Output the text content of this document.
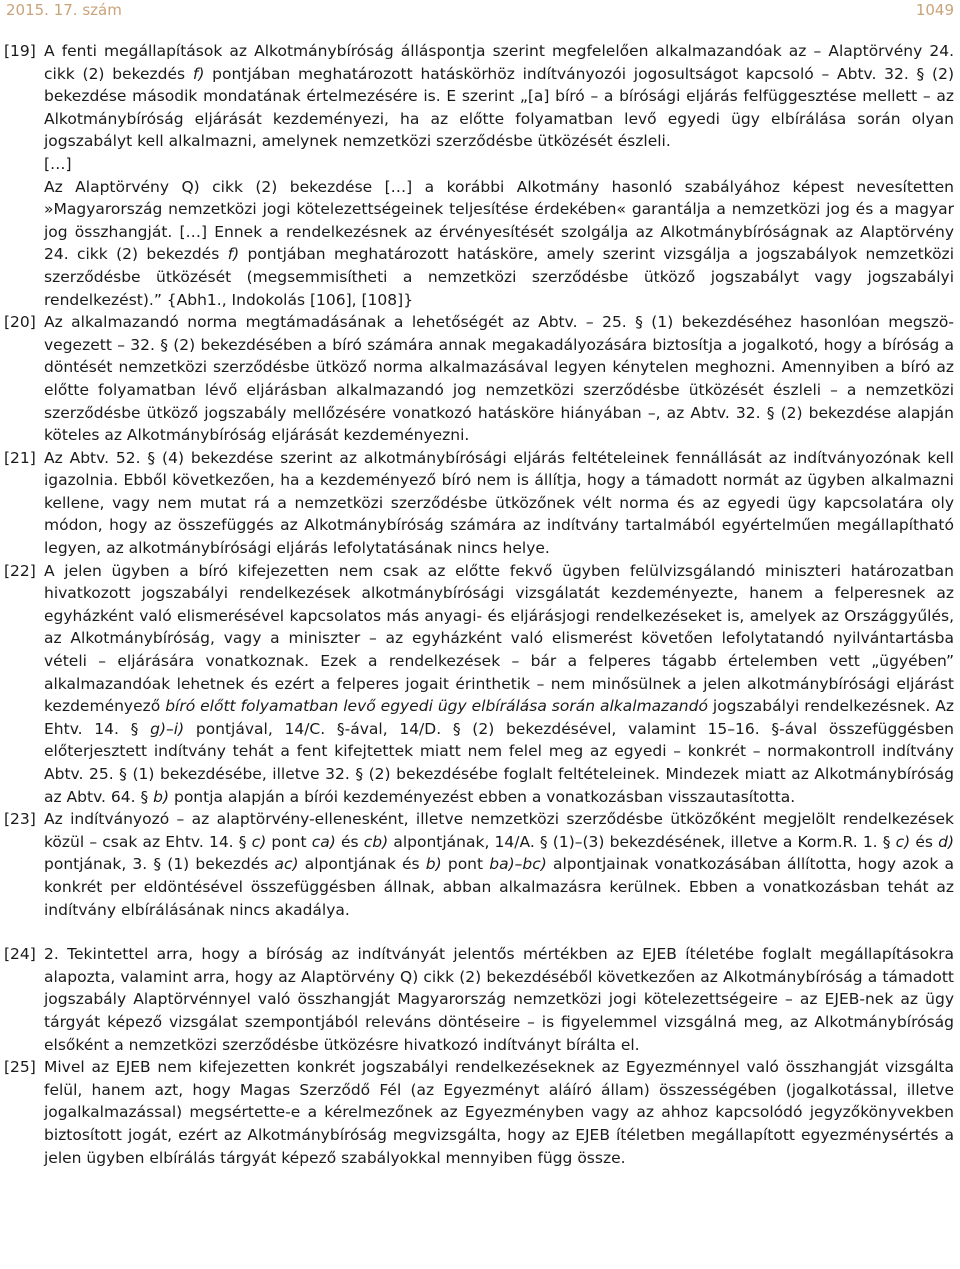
2015. 17. szám	1049
[19] A fenti megállapítások az Alkotmánybíróság álláspontja szerint megfelelően alkalmazandóak az – Alaptörvény 24. cikk (2) bekezdés f) pontjában meghatározott hatáskörhöz indítványozói jogosultságot kapcsoló – Abtv. 32. § (2) bekezdése második mondatának értelmezésére is. E szerint „[a] bíró – a bírósági eljárás felfüggesztése mellett – az Alkotmánybíróság eljárását kezdeményezi, ha az előtte folyamatban levő egyedi ügy elbírálása során olyan jogszabályt kell alkalmazni, amelynek nemzetközi szerződésbe ütközését észleli.
[…]
Az Alaptörvény Q) cikk (2) bekezdése […] a korábbi Alkotmány hasonló szabályához képest nevesítetten »Magyarország nemzetközi jogi kötelezettségeinek teljesítése érdekében« garantálja a nemzetközi jog és a magyar jog összhangját. […] Ennek a rendelkezésnek az érvényesítését szolgálja az Alkotmánybíróságnak az Alaptörvény 24. cikk (2) bekezdés f) pontjában meghatározott hatásköre, amely szerint vizsgálja a jogszabályok nemzetközi szerződésbe ütközését (megsemmisítheti a nemzetközi szerződésbe ütköző jogszabályt vagy jogszabályi rendelkezést).” {Abh1., Indokolás [106], [108]}
[20] Az alkalmazandó norma megtámadásának a lehetőségét az Abtv. – 25. § (1) bekezdéséhez hasonlóan megszövegezett – 32. § (2) bekezdésében a bíró számára annak megakadályozására biztosítja a jogalkotó, hogy a bíróság a döntését nemzetközi szerződésbe ütköző norma alkalmazásával legyen kénytelen meghozni. Amennyiben a bíró az előtte folyamatban lévő eljárásban alkalmazandó jog nemzetközi szerződésbe ütközését észleli – a nemzetközi szerződésbe ütköző jogszabály mellőzésére vonatkozó hatásköre hiányában –, az Abtv. 32. § (2) bekezdése alapján köteles az Alkotmánybíróság eljárását kezdeményezni.
[21] Az Abtv. 52. § (4) bekezdése szerint az alkotmánybírósági eljárás feltételeinek fennállását az indítványozónak kell igazolnia. Ebből következően, ha a kezdeményező bíró nem is állítja, hogy a támadott normát az ügyben alkalmazni kellene, vagy nem mutat rá a nemzetközi szerződésbe ütközőnek vélt norma és az egyedi ügy kapcsolatára oly módon, hogy az összefüggés az Alkotmánybíróság számára az indítvány tartalmából egyértelműen megállapítható legyen, az alkotmánybírósági eljárás lefolytatásának nincs helye.
[22] A jelen ügyben a bíró kifejezetten nem csak az előtte fekvő ügyben felülvizsgálandó miniszteri határozatban hivatkozott jogszabályi rendelkezések alkotmánybírósági vizsgálatát kezdeményezte, hanem a felperesnek az egyházként való elismerésével kapcsolatos más anyagi- és eljárásjogi rendelkezéseket is, amelyek az Országgyűlés, az Alkotmánybíróság, vagy a miniszter – az egyházként való elismerést követően lefolytatandó nyilvántartásba vételi – eljárására vonatkoznak. Ezek a rendelkezések – bár a felperes tágabb értelemben vett „ügyében” alkalmazandóak lehetnek és ezért a felperes jogait érinthetik – nem minősülnek a jelen alkotmánybírósági eljárást kezdeményező bíró előtt folyamatban levő egyedi ügy elbírálása során alkalmazandó jogszabályi rendelkezésnek. Az Ehtv. 14. § g)–i) pontjával, 14/C. §-ával, 14/D. § (2) bekezdésével, valamint 15–16. §-ával összefüggésben előterjesztett indítvány tehát a fent kifejtettek miatt nem felel meg az egyedi – konkrét – normakontroll indítvány Abtv. 25. § (1) bekezdésébe, illetve 32. § (2) bekezdésébe foglalt feltételeinek. Mindezek miatt az Alkotmánybíróság az Abtv. 64. § b) pontja alapján a bírói kezdeményezést ebben a vonatkozásban visszautasította.
[23] Az indítványozó – az alaptörvény-ellenesként, illetve nemzetközi szerződésbe ütközőként megjelölt rendelkezések közül – csak az Ehtv. 14. § c) pont ca) és cb) alpontjának, 14/A. § (1)–(3) bekezdésének, illetve a Korm.R. 1. § c) és d) pontjának, 3. § (1) bekezdés ac) alpontjának és b) pont ba)–bc) alpontjainak vonatkozásában állította, hogy azok a konkrét per eldöntésével összefüggésben állnak, abban alkalmazásra kerülnek. Ebben a vonatkozásban tehát az indítvány elbírálásának nincs akadálya.
[24] 2. Tekintettel arra, hogy a bíróság az indítványát jelentős mértékben az EJEB ítéletébe foglalt megállapításokra alapozta, valamint arra, hogy az Alaptörvény Q) cikk (2) bekezdéséből következően az Alkotmánybíróság a támadott jogszabály Alaptörvénnyel való összhangját Magyarország nemzetközi jogi kötelezettségeire – az EJEB-nek az ügy tárgyát képező vizsgálat szempontjából releváns döntéseire – is figyelemmel vizsgálná meg, az Alkotmánybíróság elsőként a nemzetközi szerződésbe ütközésre hivatkozó indítványt bírálta el.
[25] Mivel az EJEB nem kifejezetten konkrét jogszabályi rendelkezéseknek az Egyezménnyel való összhangját vizsgálta felül, hanem azt, hogy Magas Szerződő Fél (az Egyezményt aláíró állam) összességében (jogalkotással, illetve jogalkalmazással) megsértette-e a kérelmezőnek az Egyezményben vagy az ahhoz kapcsolódó jegyzőkönyvekben biztosított jogát, ezért az Alkotmánybíróság megvizsgálta, hogy az EJEB ítéletben megállapított egyezménysértés a jelen ügyben elbírálás tárgyát képező szabályokkal mennyiben függ össze.
